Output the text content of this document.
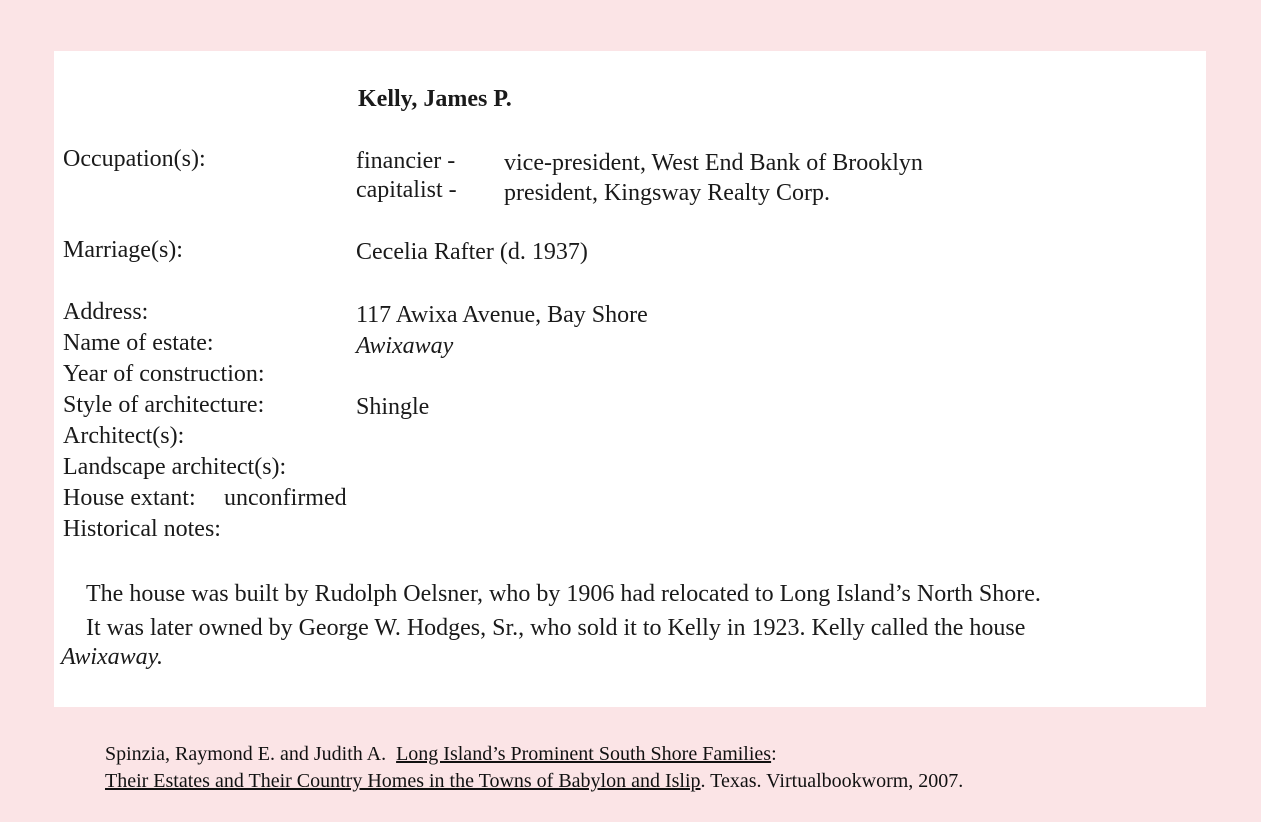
Kelly, James P.
Occupation(s):	financier - vice-president, West End Bank of Brooklyn
capitalist - president, Kingsway Realty Corp.
Marriage(s):	Cecelia Rafter (d. 1937)
Address:	117 Awixa Avenue, Bay Shore
Name of estate:	Awixaway
Year of construction:
Style of architecture:	Shingle
Architect(s):
Landscape architect(s):
House extant: unconfirmed
Historical notes:
The house was built by Rudolph Oelsner, who by 1906 had relocated to Long Island’s North Shore.
It was later owned by George W. Hodges, Sr., who sold it to Kelly in 1923. Kelly called the house
Awixaway.
Spinzia, Raymond E. and Judith A. Long Island’s Prominent South Shore Families:
Their Estates and Their Country Homes in the Towns of Babylon and Islip. Texas. Virtualbookworm, 2007.
